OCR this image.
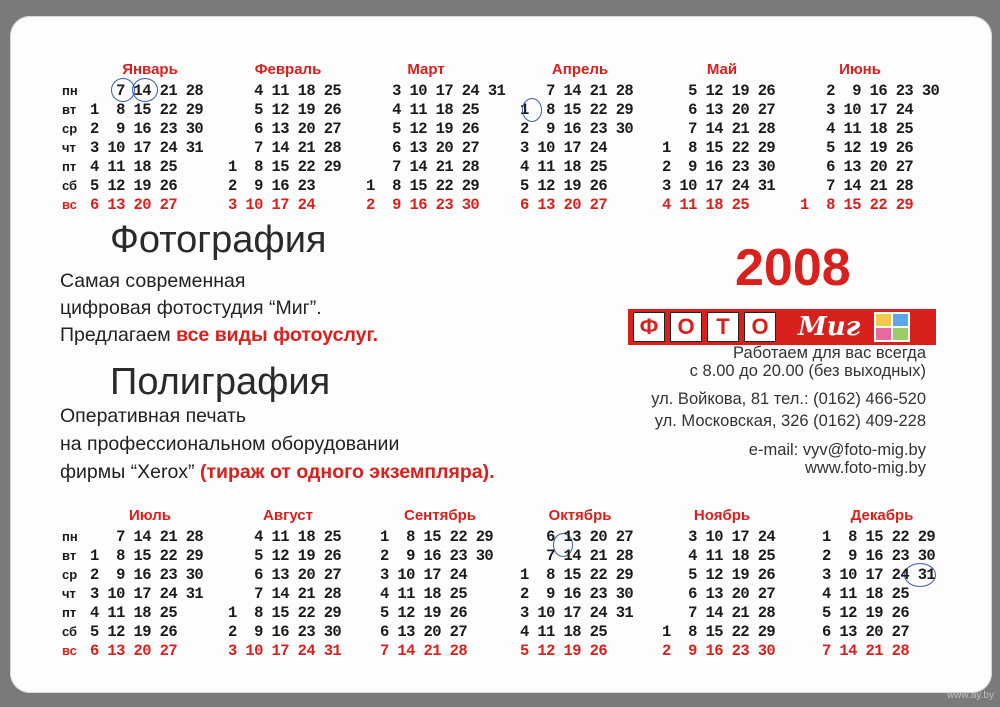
пн
вт
ср
чт
пт
сб
вс
Январь
7 14 21 28
1  8 15 22 29
2  9 16 23 30
3 10 17 24 31
4 11 18 25
5 12 19 26
6 13 20 27
Февраль
4 11 18 25
5 12 19 26
6 13 20 27
7 14 21 28
1  8 15 22 29
2  9 16 23
3 10 17 24
Март
3 10 17 24 31
4 11 18 25
5 12 19 26
6 13 20 27
7 14 21 28
1  8 15 22 29
2  9 16 23 30
Апрель
7 14 21 28
1  8 15 22 29
2  9 16 23 30
3 10 17 24
4 11 18 25
5 12 19 26
6 13 20 27
Май
5 12 19 26
6 13 20 27
7 14 21 28
1  8 15 22 29
2  9 16 23 30
3 10 17 24 31
4 11 18 25
Июнь
2  9 16 23 30
3 10 17 24
4 11 18 25
5 12 19 26
6 13 20 27
7 14 21 28
1  8 15 22 29
Фотография
Самая современная
цифровая фотостудия “Миг”.
Предлагаем все виды фотоуслуг.
Полиграфия
Оперативная печать
на профессиональном оборудовании
фирмы “Xerox” (тираж от одного экземпляра).
2008
Ф О Т О Миг
Работаем для вас всегда
с 8.00 до 20.00 (без выходных)
ул. Войкова, 81 тел.: (0162) 466-520
ул. Московская, 326 (0162) 409-228
e-mail: vyv@foto-mig.by
www.foto-mig.by
пн
вт
ср
чт
пт
сб
вс
Июль
7 14 21 28
1  8 15 22 29
2  9 16 23 30
3 10 17 24 31
4 11 18 25
5 12 19 26
6 13 20 27
Август
4 11 18 25
5 12 19 26
6 13 20 27
7 14 21 28
1  8 15 22 29
2  9 16 23 30
3 10 17 24 31
Сентябрь
1  8 15 22 29
2  9 16 23 30
3 10 17 24
4 11 18 25
5 12 19 26
6 13 20 27
7 14 21 28
Октябрь
6 13 20 27
7 14 21 28
1  8 15 22 29
2  9 16 23 30
3 10 17 24 31
4 11 18 25
5 12 19 26
Ноябрь
3 10 17 24
4 11 18 25
5 12 19 26
6 13 20 27
7 14 21 28
1  8 15 22 29
2  9 16 23 30
Декабрь
1  8 15 22 29
2  9 16 23 30
3 10 17 24 31
4 11 18 25
5 12 19 26
6 13 20 27
7 14 21 28
www.ay.by
